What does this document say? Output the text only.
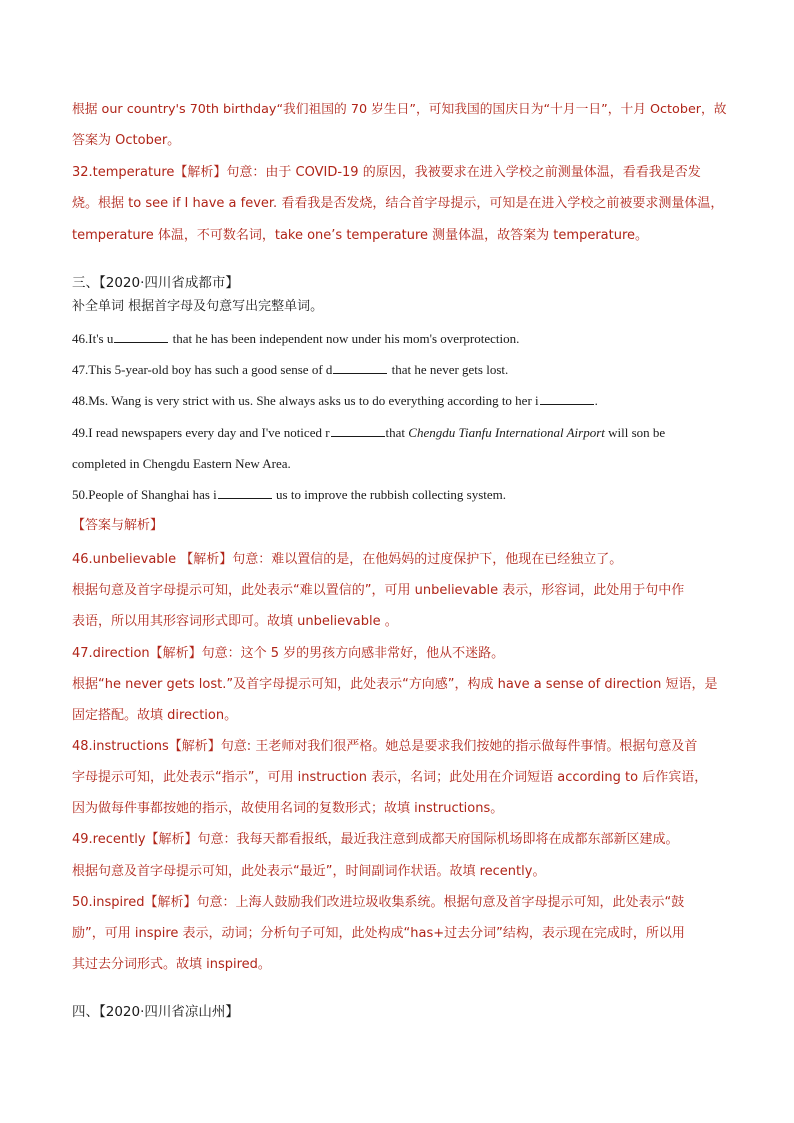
根据 our country's 70th birthday“我们祖国的 70 岁生日”，可知我国的国庆日为“十月一日”，十月 October，故
答案为 October。
32.temperature【解析】句意：由于 COVID-19 的原因，我被要求在进入学校之前测量体温，看看我是否发
烧。根据 to see if I have a fever. 看看我是否发烧，结合首字母提示，可知是在进入学校之前被要求测量体温，
temperature 体温，不可数名词，take one’s temperature 测量体温，故答案为 temperature。
三、【2020·四川省成都市】
补全单词 根据首字母及句意写出完整单词。
46.It's u	that he has been independent now under his mom's overprotection.
47.This 5-year-old boy has such a good sense of d	that he never gets lost.
48.Ms. Wang is very strict with us. She always asks us to do everything according to her i	.
49.I read newspapers every day and I've noticed r	that Chengdu Tianfu International Airport will son be
completed in Chengdu Eastern New Area.
50.People of Shanghai has i	us to improve the rubbish collecting system.
【答案与解析】
46.unbelievable 【解析】句意：难以置信的是，在他妈妈的过度保护下，他现在已经独立了。
根据句意及首字母提示可知，此处表示“难以置信的”，可用 unbelievable 表示，形容词，此处用于句中作
表语，所以用其形容词形式即可。故填 unbelievable 。
47.direction【解析】句意：这个 5 岁的男孩方向感非常好，他从不迷路。
根据“he never gets lost.”及首字母提示可知，此处表示“方向感”，构成 have a sense of direction 短语，是
固定搭配。故填 direction。
48.instructions【解析】句意: 王老师对我们很严格。她总是要求我们按她的指示做每件事情。根据句意及首
字母提示可知，此处表示“指示”，可用 instruction 表示，名词；此处用在介词短语 according to 后作宾语，
因为做每件事都按她的指示，故使用名词的复数形式；故填 instructions。
49.recently【解析】句意：我每天都看报纸，最近我注意到成都天府国际机场即将在成都东部新区建成。
根据句意及首字母提示可知，此处表示“最近”，时间副词作状语。故填 recently。
50.inspired【解析】句意：上海人鼓励我们改进垃圾收集系统。根据句意及首字母提示可知，此处表示“鼓
励”，可用 inspire 表示，动词；分析句子可知，此处构成“has+过去分词”结构，表示现在完成时，所以用
其过去分词形式。故填 inspired。
四、【2020·四川省凉山州】
